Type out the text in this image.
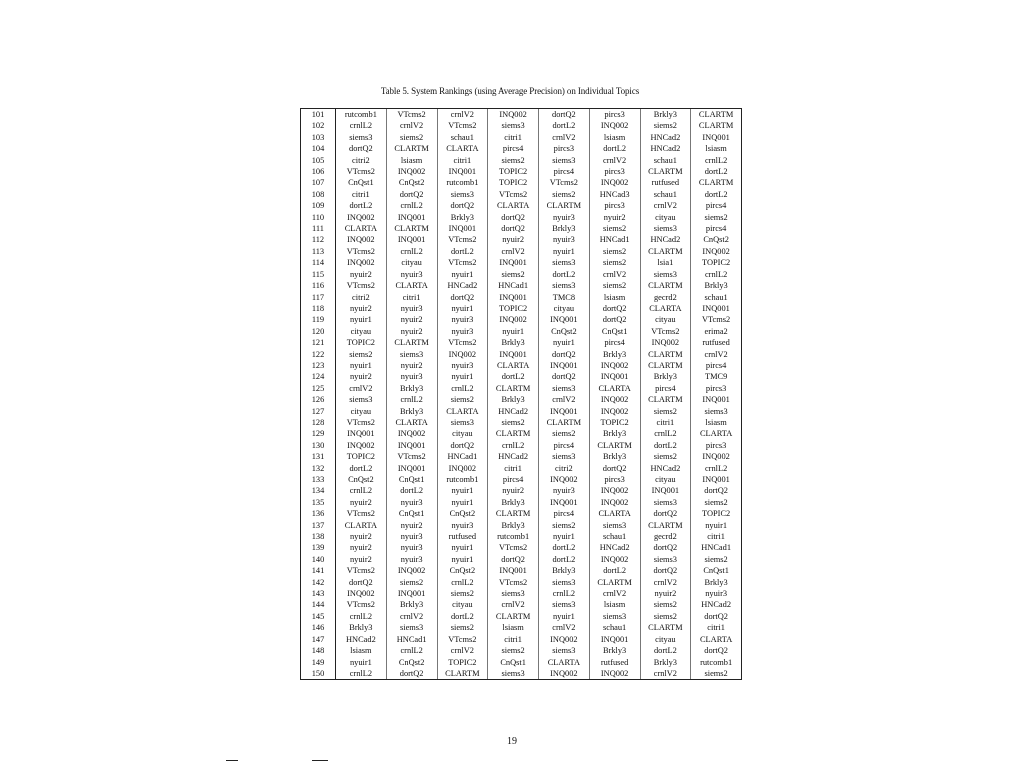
Table 5. System Rankings (using Average Precision) on Individual Topics
101	rutcomb1	VTcms2	crnlV2	INQ002	dortQ2	pircs3	Brkly3	CLARTM
102	crnlL2	crnlV2	VTcms2	siems3	dortL2	INQ002	siems2	CLARTM
103	siems3	siems2	schau1	citri1	crnlV2	lsiasm	HNCad2	INQ001
104	dortQ2	CLARTM	CLARTA	pircs4	pircs3	dortL2	HNCad2	lsiasm
105	citri2	lsiasm	citri1	siems2	siems3	crnlV2	schau1	crnlL2
106	VTcms2	INQ002	INQ001	TOPIC2	pircs4	pircs3	CLARTM	dortL2
107	CnQst1	CnQst2	rutcomb1	TOPIC2	VTcms2	INQ002	rutfused	CLARTM
108	citri1	dortQ2	siems3	VTcms2	siems2	HNCad3	schau1	dortL2
109	dortL2	crnlL2	dortQ2	CLARTA	CLARTM	pircs3	crnlV2	pircs4
110	INQ002	INQ001	Brkly3	dortQ2	nyuir3	nyuir2	cityau	siems2
111	CLARTA	CLARTM	INQ001	dortQ2	Brkly3	siems2	siems3	pircs4
112	INQ002	INQ001	VTcms2	nyuir2	nyuir3	HNCad1	HNCad2	CnQst2
113	VTcms2	crnlL2	dortL2	crnlV2	nyuir1	siems2	CLARTM	INQ002
114	INQ002	cityau	VTcms2	INQ001	siems3	siems2	lsia1	TOPIC2
115	nyuir2	nyuir3	nyuir1	siems2	dortL2	crnlV2	siems3	crnlL2
116	VTcms2	CLARTA	HNCad2	HNCad1	siems3	siems2	CLARTM	Brkly3
117	citri2	citri1	dortQ2	INQ001	TMC8	lsiasm	gecrd2	schau1
118	nyuir2	nyuir3	nyuir1	TOPIC2	cityau	dortQ2	CLARTA	INQ001
119	nyuir1	nyuir2	nyuir3	INQ002	INQ001	dortQ2	cityau	VTcms2
120	cityau	nyuir2	nyuir3	nyuir1	CnQst2	CnQst1	VTcms2	erima2
121	TOPIC2	CLARTM	VTcms2	Brkly3	nyuir1	pircs4	INQ002	rutfused
122	siems2	siems3	INQ002	INQ001	dortQ2	Brkly3	CLARTM	crnlV2
123	nyuir1	nyuir2	nyuir3	CLARTA	INQ001	INQ002	CLARTM	pircs4
124	nyuir2	nyuir3	nyuir1	dortL2	dortQ2	INQ001	Brkly3	TMC9
125	crnlV2	Brkly3	crnlL2	CLARTM	siems3	CLARTA	pircs4	pircs3
126	siems3	crnlL2	siems2	Brkly3	crnlV2	INQ002	CLARTM	INQ001
127	cityau	Brkly3	CLARTA	HNCad2	INQ001	INQ002	siems2	siems3
128	VTcms2	CLARTA	siems3	siems2	CLARTM	TOPIC2	citri1	lsiasm
129	INQ001	INQ002	cityau	CLARTM	siems2	Brkly3	crnlL2	CLARTA
130	INQ002	INQ001	dortQ2	crnlL2	pircs4	CLARTM	dortL2	pircs3
131	TOPIC2	VTcms2	HNCad1	HNCad2	siems3	Brkly3	siems2	INQ002
132	dortL2	INQ001	INQ002	citri1	citri2	dortQ2	HNCad2	crnlL2
133	CnQst2	CnQst1	rutcomb1	pircs4	INQ002	pircs3	cityau	INQ001
134	crnlL2	dortL2	nyuir1	nyuir2	nyuir3	INQ002	INQ001	dortQ2
135	nyuir2	nyuir3	nyuir1	Brkly3	INQ001	INQ002	siems3	siems2
136	VTcms2	CnQst1	CnQst2	CLARTM	pircs4	CLARTA	dortQ2	TOPIC2
137	CLARTA	nyuir2	nyuir3	Brkly3	siems2	siems3	CLARTM	nyuir1
138	nyuir2	nyuir3	rutfused	rutcomb1	nyuir1	schau1	gecrd2	citri1
139	nyuir2	nyuir3	nyuir1	VTcms2	dortL2	HNCad2	dortQ2	HNCad1
140	nyuir2	nyuir3	nyuir1	dortQ2	dortL2	INQ002	siems3	siems2
141	VTcms2	INQ002	CnQst2	INQ001	Brkly3	dortL2	dortQ2	CnQst1
142	dortQ2	siems2	crnlL2	VTcms2	siems3	CLARTM	crnlV2	Brkly3
143	INQ002	INQ001	siems2	siems3	crnlL2	crnlV2	nyuir2	nyuir3
144	VTcms2	Brkly3	cityau	crnlV2	siems3	lsiasm	siems2	HNCad2
145	crnlL2	crnlV2	dortL2	CLARTM	nyuir1	siems3	siems2	dortQ2
146	Brkly3	siems3	siems2	lsiasm	crnlV2	schau1	CLARTM	citri1
147	HNCad2	HNCad1	VTcms2	citri1	INQ002	INQ001	cityau	CLARTA
148	lsiasm	crnlL2	crnlV2	siems2	siems3	Brkly3	dortL2	dortQ2
149	nyuir1	CnQst2	TOPIC2	CnQst1	CLARTA	rutfused	Brkly3	rutcomb1
150	crnlL2	dortQ2	CLARTM	siems3	INQ002	INQ002	crnlV2	siems2
19
